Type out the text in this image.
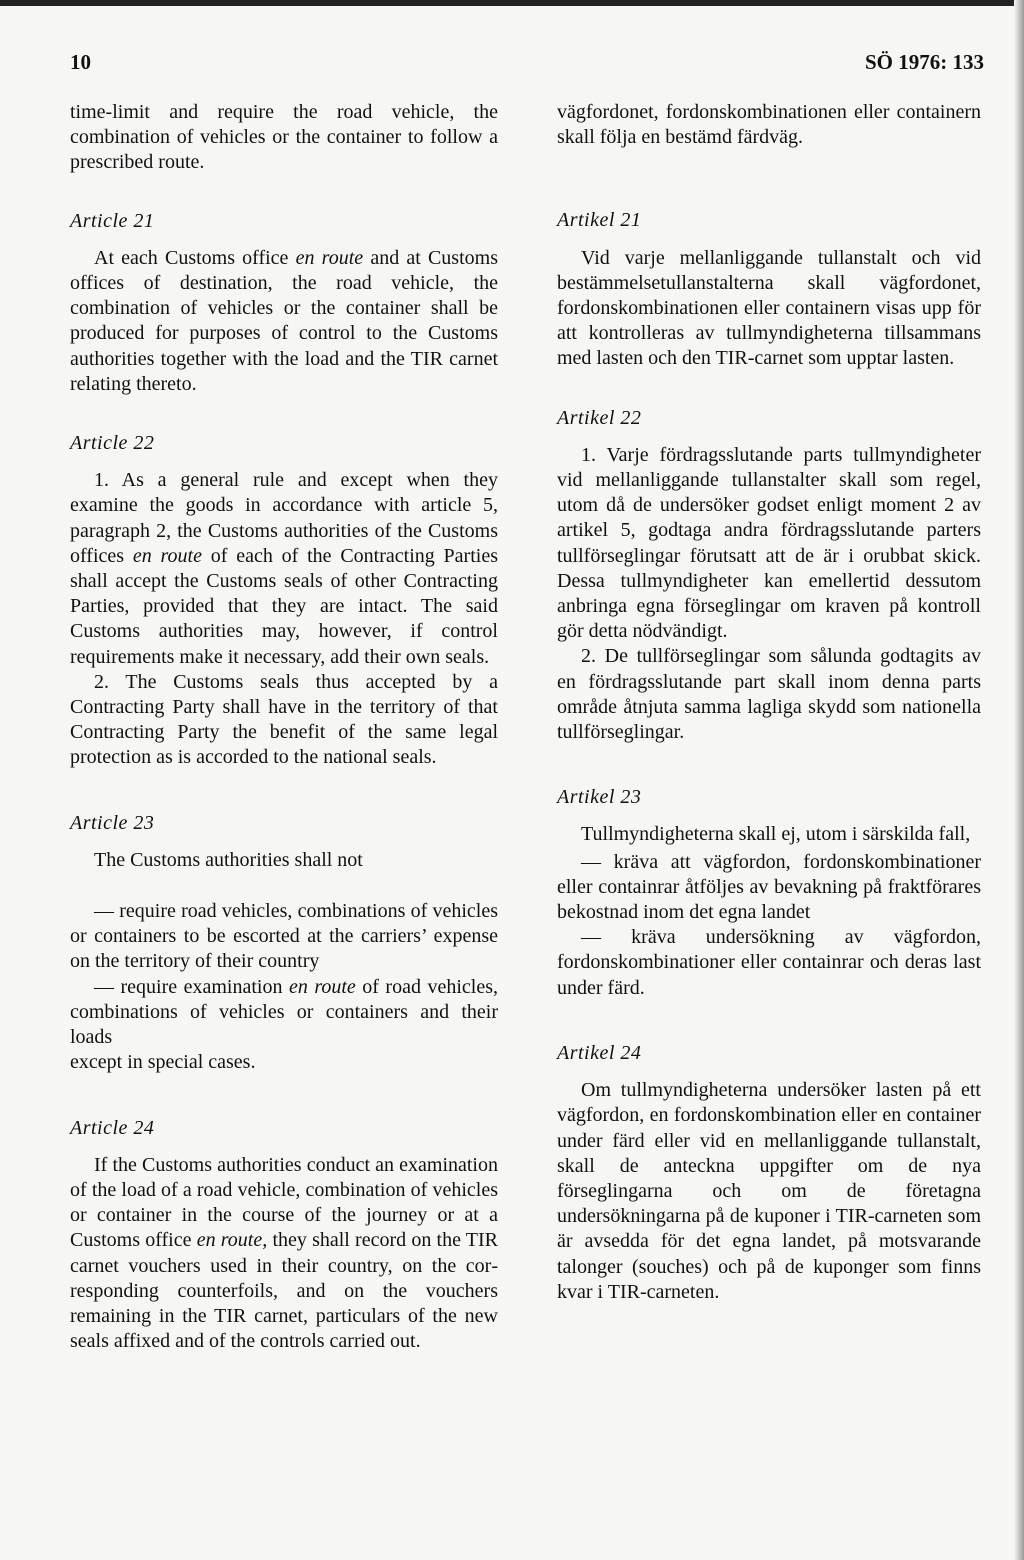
10	SÖ 1976: 133

time-limit and require the road vehicle, the combination of vehicles or the container to follow a prescribed route.

Article 21

At each Customs office en route and at Customs offices of destination, the road vehicle, the combination of vehicles or the container shall be produced for purposes of control to the Customs authorities together with the load and the TIR carnet relating thereto.

Article 22

1. As a general rule and except when they examine the goods in accordance with article 5, paragraph 2, the Customs authorities of the Customs offices en route of each of the Contracting Parties shall accept the Customs seals of other Contracting Parties, provided that they are intact. The said Customs authorities may, however, if control requirements make it necessary, add their own seals.

2. The Customs seals thus accepted by a Contracting Party shall have in the territory of that Contracting Party the benefit of the same legal protection as is accorded to the national seals.

Article 23

The Customs authorities shall not

— require road vehicles, combinations of vehicles or containers to be escorted at the carriers’ expense on the territory of their country

— require examination en route of road vehicles, combinations of vehicles or containers and their loads

except in special cases.

Article 24

If the Customs authorities conduct an examination of the load of a road vehicle, combination of vehicles or container in the course of the journey or at a Customs office en route, they shall record on the TIR carnet vouchers used in their country, on the corresponding counterfoils, and on the vouchers remaining in the TIR carnet, particulars of the new seals affixed and of the controls carried out.

vägfordonet, fordonskombinationen eller containern skall följa en bestämd färdväg.

Artikel 21

Vid varje mellanliggande tullanstalt och vid bestämmelsetullanstalterna skall vägfordonet, fordonskombinationen eller containern visas upp för att kontrolleras av tullmyndigheterna tillsammans med lasten och den TIR-carnet som upptar lasten.

Artikel 22

1. Varje fördragsslutande parts tullmyndigheter vid mellanliggande tullanstalter skall som regel, utom då de undersöker godset enligt moment 2 av artikel 5, godtaga andra fördragsslutande parters tullförseglingar förutsatt att de är i orubbat skick. Dessa tullmyndigheter kan emellertid dessutom anbringa egna förseglingar om kraven på kontroll gör detta nödvändigt.

2. De tullförseglingar som sålunda godtagits av en fördragsslutande part skall inom denna parts område åtnjuta samma lagliga skydd som nationella tullförseglingar.

Artikel 23

Tullmyndigheterna skall ej, utom i särskilda fall,

— kräva att vägfordon, fordonskombinationer eller containrar åtföljes av bevakning på fraktförares bekostnad inom det egna landet

— kräva undersökning av vägfordon, fordonskombinationer eller containrar och deras last under färd.

Artikel 24

Om tullmyndigheterna undersöker lasten på ett vägfordon, en fordonskombination eller en container under färd eller vid en mellanliggande tullanstalt, skall de anteckna uppgifter om de nya förseglingarna och om de företagna undersökningarna på de kuponer i TIR-carneten som är avsedda för det egna landet, på motsvarande talonger (souches) och på de kuponger som finns kvar i TIR-carneten.
